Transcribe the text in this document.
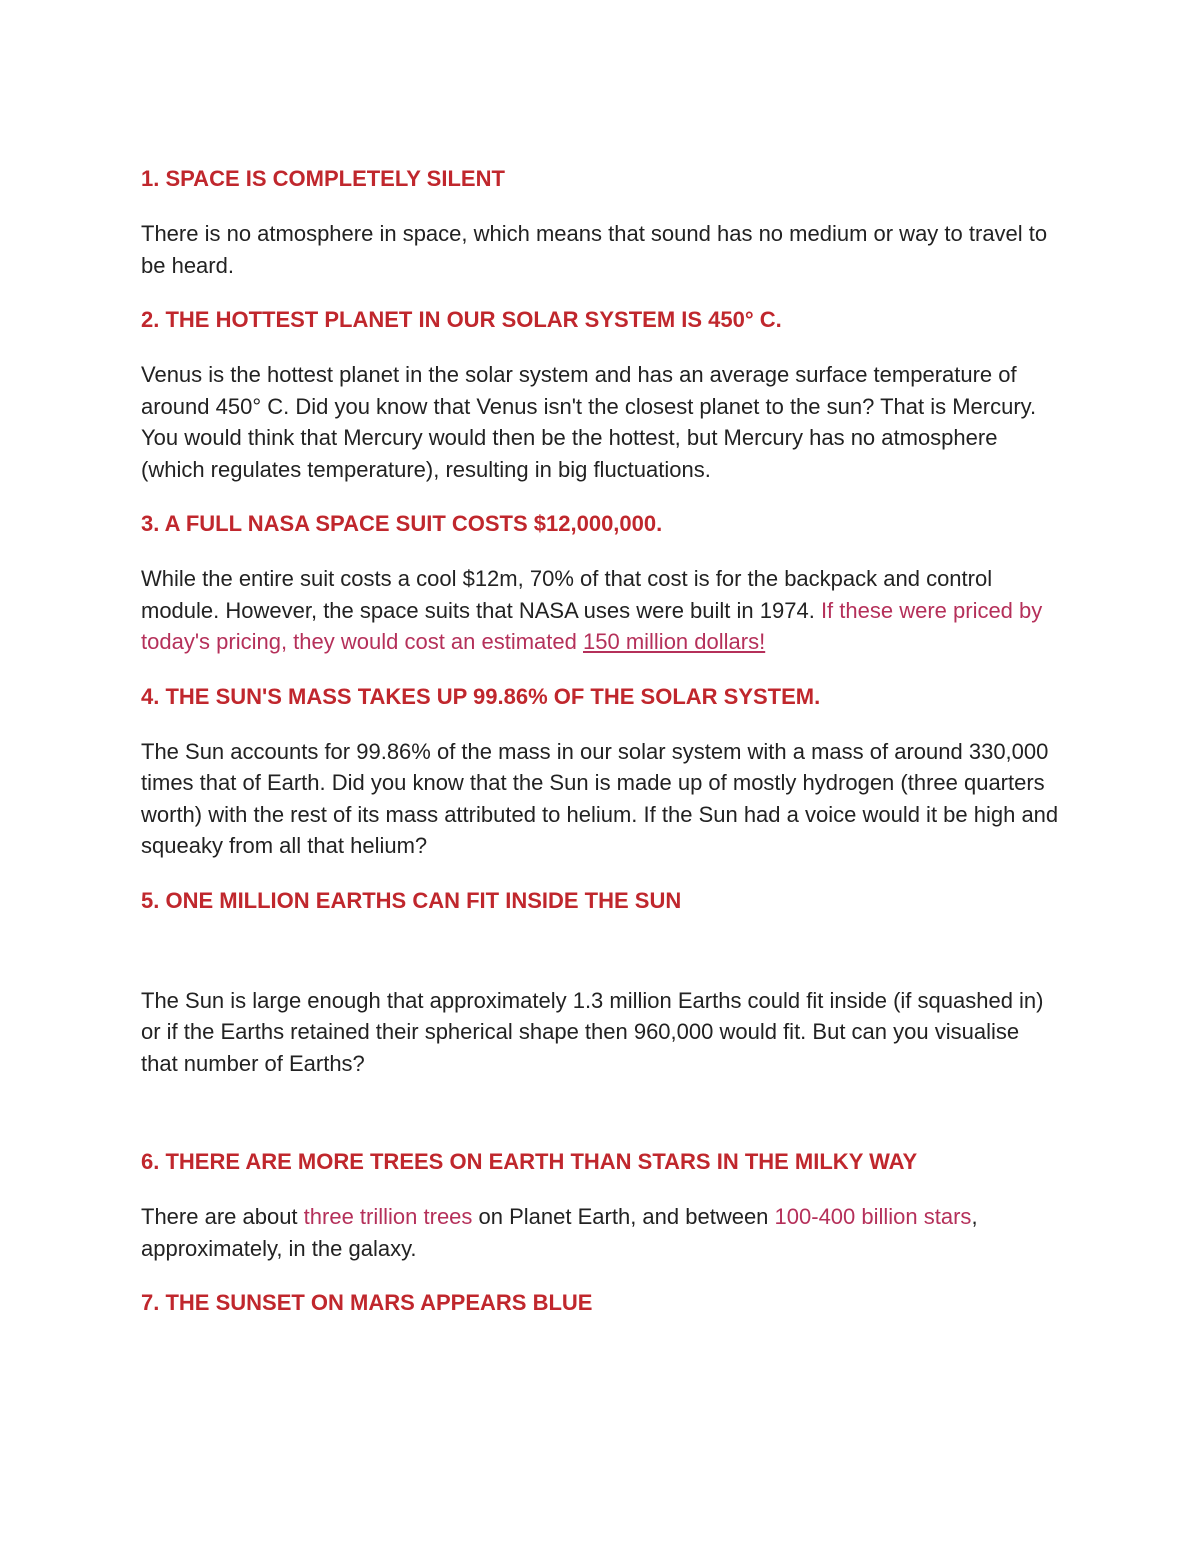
1. SPACE IS COMPLETELY SILENT

There is no atmosphere in space, which means that sound has no medium or way to travel to be heard.

2. THE HOTTEST PLANET IN OUR SOLAR SYSTEM IS 450° C.

Venus is the hottest planet in the solar system and has an average surface temperature of around 450° C. Did you know that Venus isn't the closest planet to the sun? That is Mercury. You would think that Mercury would then be the hottest, but Mercury has no atmosphere (which regulates temperature), resulting in big fluctuations.

3. A FULL NASA SPACE SUIT COSTS $12,000,000.

While the entire suit costs a cool $12m, 70% of that cost is for the backpack and control module. However, the space suits that NASA uses were built in 1974. If these were priced by today's pricing, they would cost an estimated 150 million dollars!

4. THE SUN'S MASS TAKES UP 99.86% OF THE SOLAR SYSTEM.

The Sun accounts for 99.86% of the mass in our solar system with a mass of around 330,000 times that of Earth. Did you know that the Sun is made up of mostly hydrogen (three quarters worth) with the rest of its mass attributed to helium. If the Sun had a voice would it be high and squeaky from all that helium?

5. ONE MILLION EARTHS CAN FIT INSIDE THE SUN

The Sun is large enough that approximately 1.3 million Earths could fit inside (if squashed in) or if the Earths retained their spherical shape then 960,000 would fit. But can you visualise that number of Earths?

6. THERE ARE MORE TREES ON EARTH THAN STARS IN THE MILKY WAY

There are about three trillion trees on Planet Earth, and between 100-400 billion stars, approximately, in the galaxy.

7. THE SUNSET ON MARS APPEARS BLUE
